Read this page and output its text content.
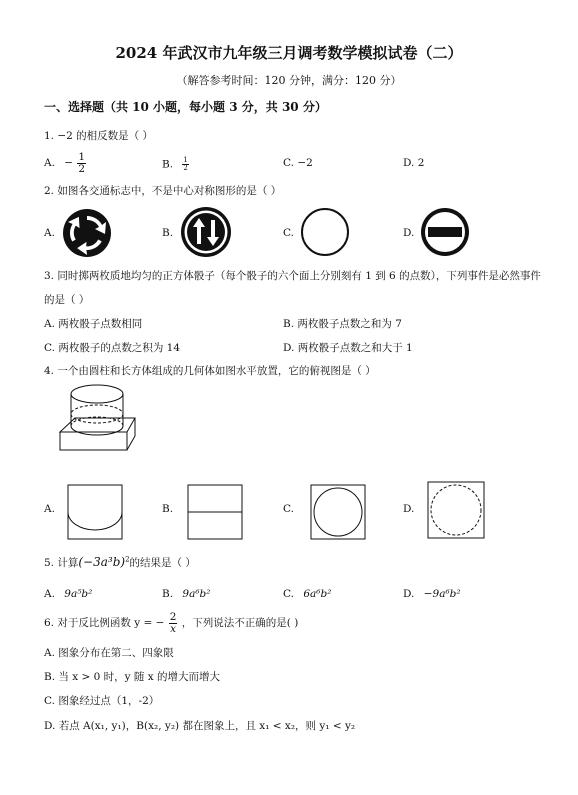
2024 年武汉市九年级三月调考数学模拟试卷（二）
（解答参考时间：120 分钟，满分：120 分）
一、选择题（共 10 小题，每小题 3 分，共 30 分）
1. −2 的相反数是（ ）
A. − $\frac{1}{2}$	B. $\frac{1}{2}$	C. −2	D. 2
2. 如图各交通标志中，不是中心对称图形的是（ ）
A.	B.	C.	D.
3. 同时掷两枚质地均匀的正方体骰子（每个骰子的六个面上分别刻有 1 到 6 的点数），下列事件是必然事件
的是（ ）
A. 两枚骰子点数相同	B. 两枚骰子点数之和为 7
C. 两枚骰子的点数之积为 14	D. 两枚骰子点数之和大于 1
4. 一个由圆柱和长方体组成的几何体如图水平放置，它的俯视图是（ ）
A.	B.	C.	D.
5. 计算$(-3a^3b)^2$的结果是（ ）
A. 9a⁵b²	B. 9a⁶b²	C. 6a⁶b²	D. −9a⁶b²
6. 对于反比例函数 y = − $\frac{2}{x}$ ，下列说法不正确的是( )
A. 图象分布在第二、四象限
B. 当 x > 0 时，y 随 x 的增大而增大
C. 图象经过点（1，-2）
D. 若点 A(x₁, y₁)，B(x₂, y₂) 都在图象上，且 x₁ < x₂，则 y₁ < y₂
